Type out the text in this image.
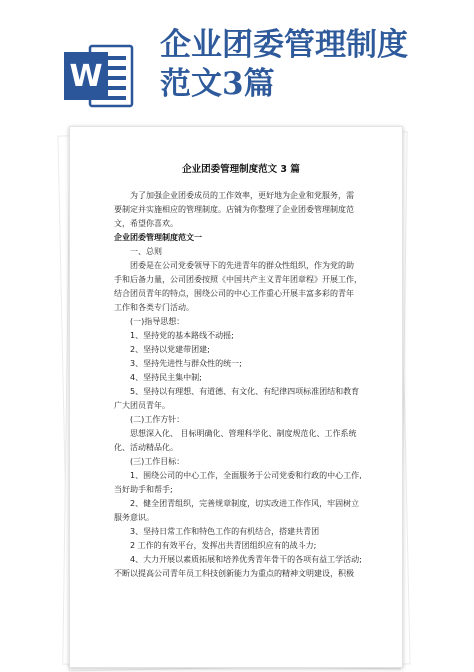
W
企业团委管理制度
范文3篇
企业团委管理制度范文 3 篇
为了加强企业团委成员的工作效率，更好地为企业和党服务，需
要制定并实施相应的管理制度。店铺为你整理了企业团委管理制度范
文，希望你喜欢。
企业团委管理制度范文一
一、总则
团委是在公司党委领导下的先进青年的群众性组织，作为党的助
手和后备力量，公司团委按照《中国共产主义青年团章程》开展工作，
结合团员青年的特点，围绕公司的中心工作重心开展丰富多彩的青年
工作和各类专门活动。
(一)指导思想：
1、坚持党的基本路线不动摇;
2、坚持以党建带团建;
3、坚持先进性与群众性的统一;
4、坚持民主集中制;
5、坚持以有理想、有道德、有文化、有纪律四项标准团结和教育
广大团员青年。
(二)工作方针：
思想深入化、 目标明确化、管理科学化、制度规范化、工作系统
化、活动精品化。
(三)工作目标：
1、围绕公司的中心工作，全面服务于公司党委和行政的中心工作,
当好助手和帮手;
2、健全团青组织，完善规章制度，切实改进工作作风，牢固树立
服务意识。
3、坚持日常工作和特色工作的有机结合，搭建共青团
2 工作的有效平台，发挥出共青团组织应有的战斗力;
4、大力开展以素质拓展和培养优秀青年骨干的各项有益工学活动;
不断以提高公司青年员工科技创新能力为重点的精神文明建设，积极
